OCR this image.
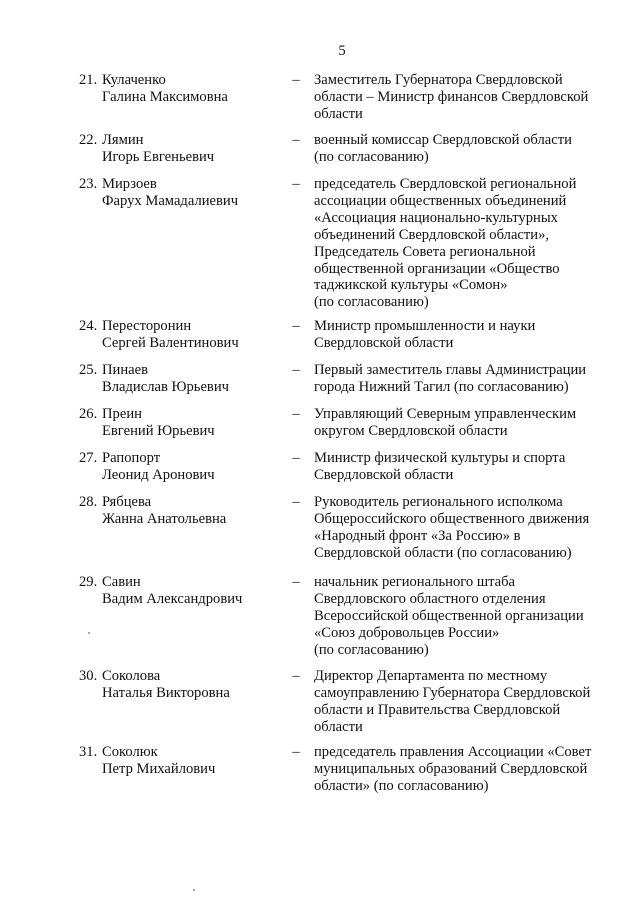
5
21. Кулаченко
Галина Максимовна
– Заместитель Губернатора Свердловской
области – Министр финансов Свердловской
области
22. Лямин
Игорь Евгеньевич
– военный комиссар Свердловской области
(по согласованию)
23. Мирзоев
Фарух Мамадалиевич
– председатель Свердловской региональной
ассоциации общественных объединений
«Ассоциация национально-культурных
объединений Свердловской области»,
Председатель Совета региональной
общественной организации «Общество
таджикской культуры «Сомон»
(по согласованию)
24. Пересторонин
Сергей Валентинович
– Министр промышленности и науки
Свердловской области
25. Пинаев
Владислав Юрьевич
– Первый заместитель главы Администрации
города Нижний Тагил (по согласованию)
26. Преин
Евгений Юрьевич
– Управляющий Северным управленческим
округом Свердловской области
27. Рапопорт
Леонид Аронович
– Министр физической культуры и спорта
Свердловской области
28. Рябцева
Жанна Анатольевна
– Руководитель регионального исполкома
Общероссийского общественного движения
«Народный фронт «За Россию» в
Свердловской области (по согласованию)
29. Савин
Вадим Александрович
– начальник регионального штаба
Свердловского областного отделения
Всероссийской общественной организации
«Союз добровольцев России»
(по согласованию)
30. Соколова
Наталья Викторовна
– Директор Департамента по местному
самоуправлению Губернатора Свердловской
области и Правительства Свердловской
области
31. Соколюк
Петр Михайлович
– председатель правления Ассоциации «Совет
муниципальных образований Свердловской
области» (по согласованию)
